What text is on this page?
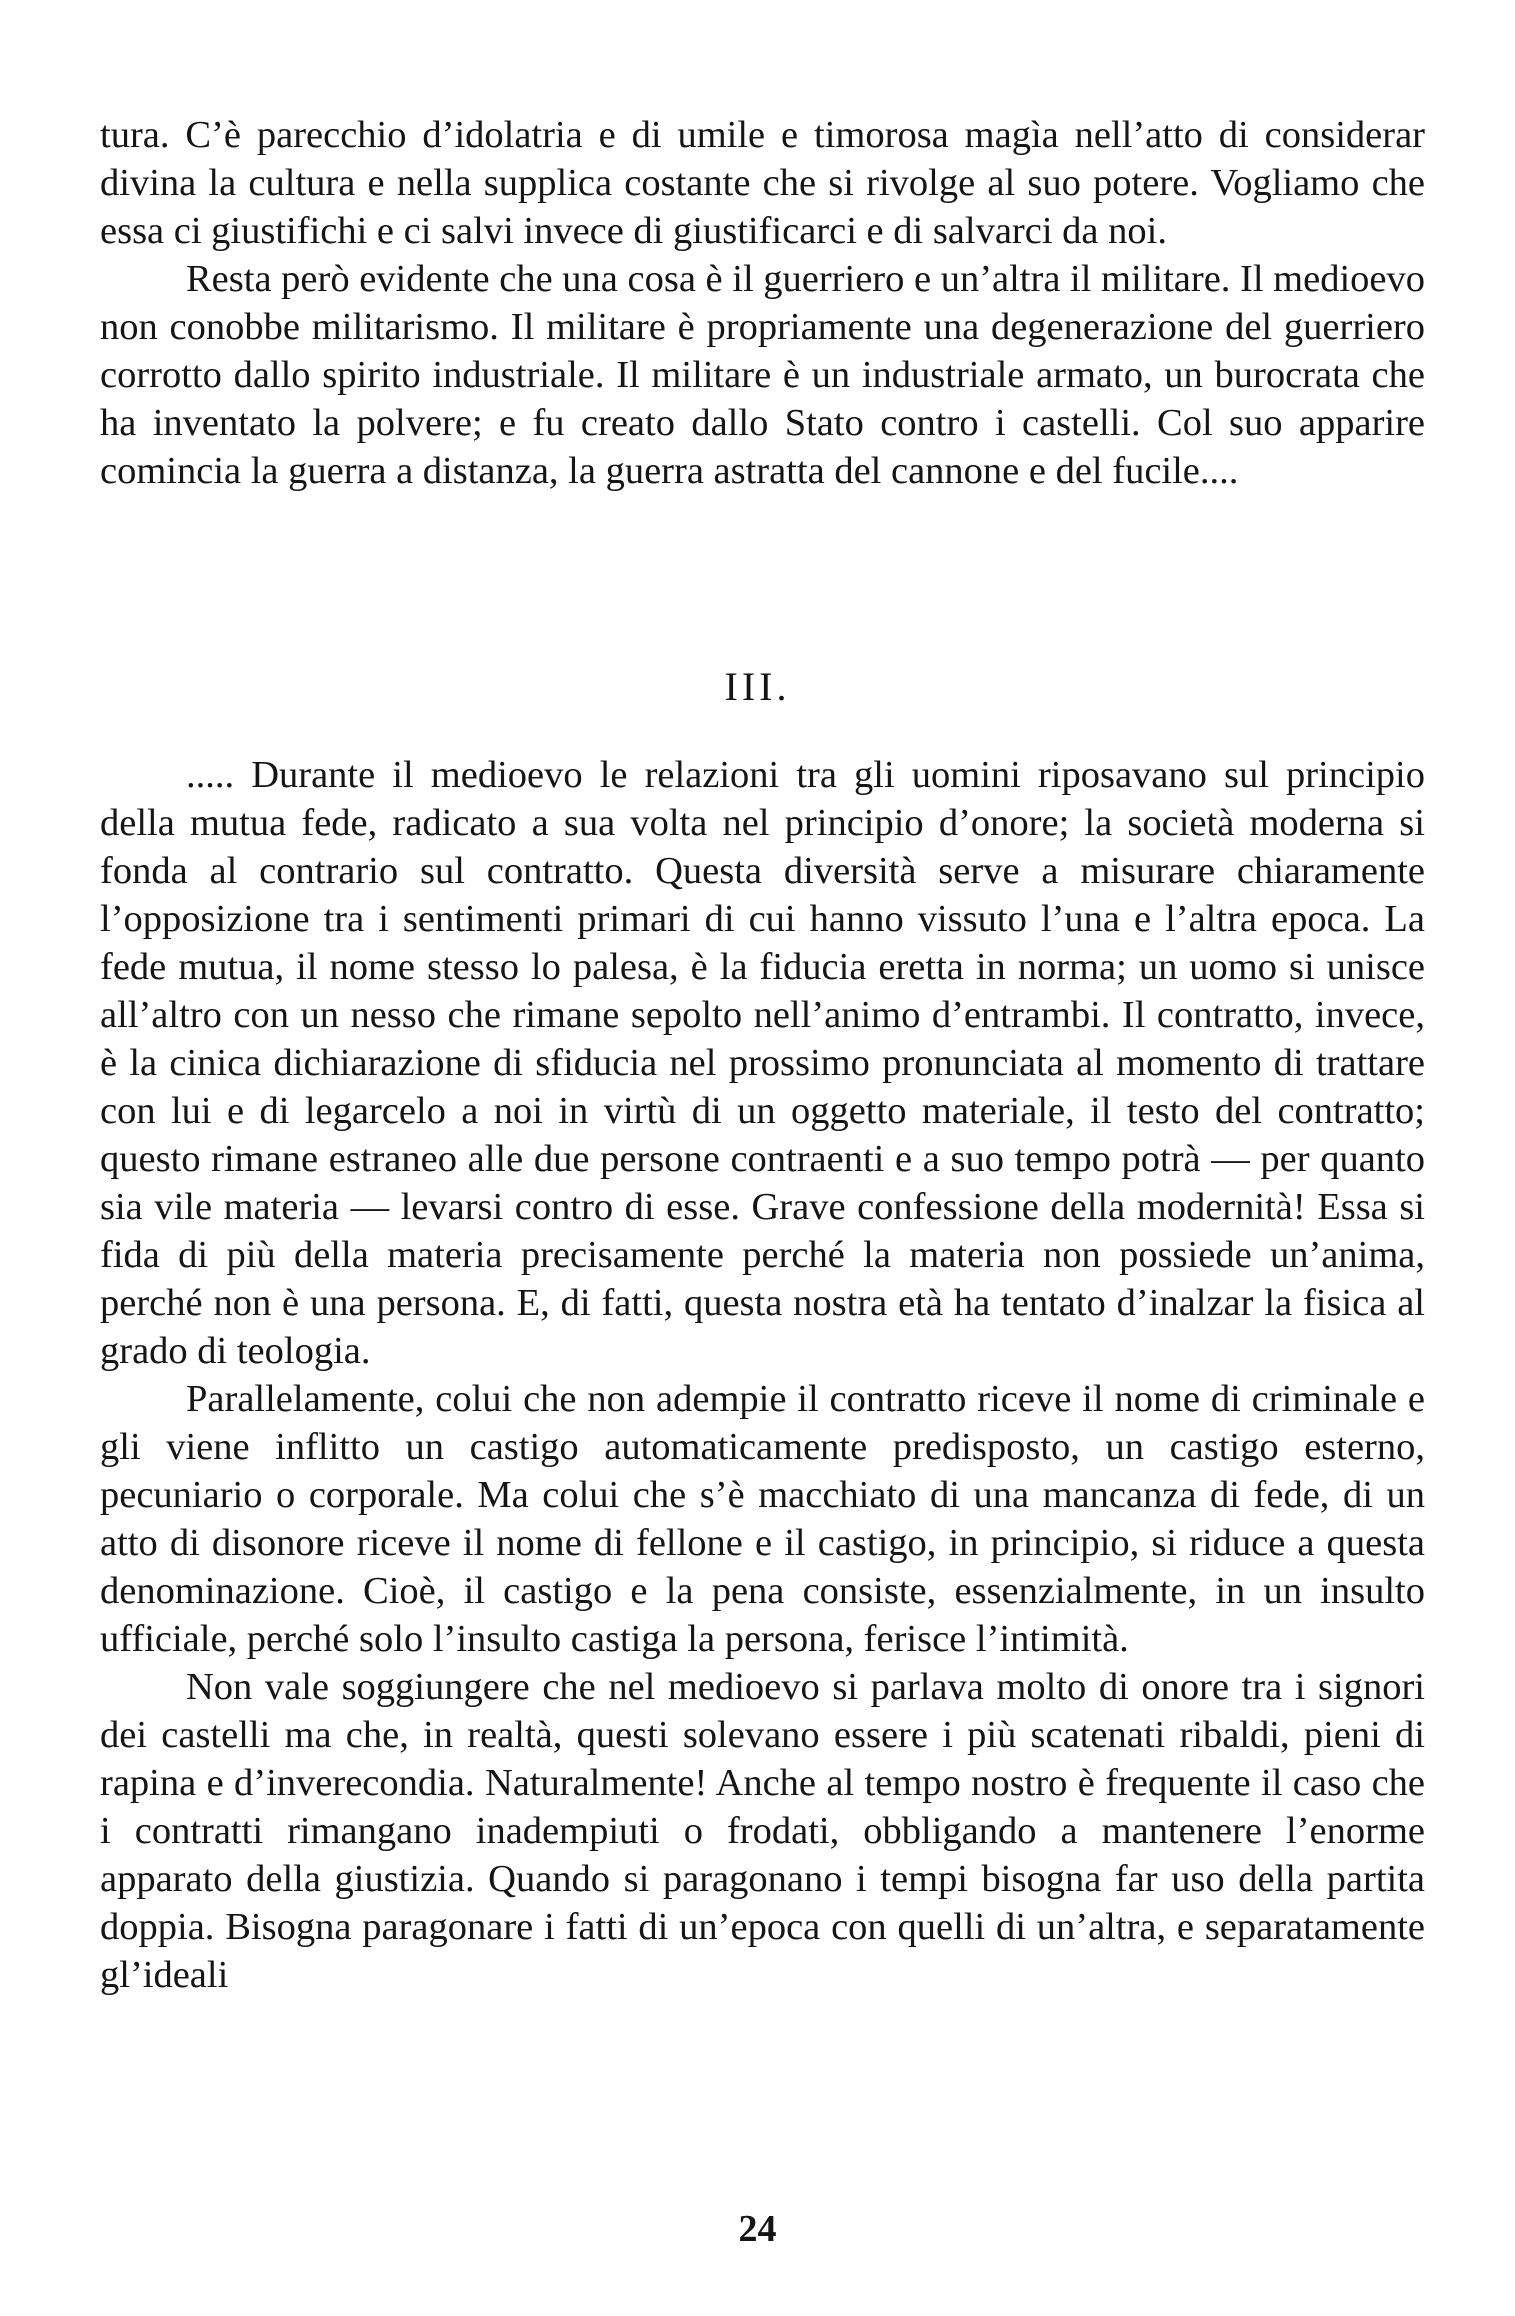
tura. C’è parecchio d’idolatria e di umile e timorosa magìa nell’atto di considerar divina la cultura e nella supplica costante che si rivolge al suo potere. Vogliamo che essa ci giustifichi e ci salvi invece di giustificarci e di salvarci da noi.

Resta però evidente che una cosa è il guerriero e un’altra il militare. Il medioevo non conobbe militarismo. Il militare è propriamente una degenerazione del guerriero corrotto dallo spirito industriale. Il militare è un industriale armato, un burocrata che ha inventato la polvere; e fu creato dallo Stato contro i castelli. Col suo apparire comincia la guerra a distanza, la guerra astratta del cannone e del fucile....

III.

..... Durante il medioevo le relazioni tra gli uomini riposavano sul principio della mutua fede, radicato a sua volta nel principio d’onore; la società moderna si fonda al contrario sul contratto. Questa diversità serve a misurare chiaramente l’opposizione tra i sentimenti primari di cui hanno vissuto l’una e l’altra epoca. La fede mutua, il nome stesso lo palesa, è la fiducia eretta in norma; un uomo si unisce all’altro con un nesso che rimane sepolto nell’animo d’entrambi. Il contratto, invece, è la cinica dichiarazione di sfiducia nel prossimo pronunciata al momento di trattare con lui e di legarcelo a noi in virtù di un oggetto materiale, il testo del contratto; questo rimane estraneo alle due persone contraenti e a suo tempo potrà — per quanto sia vile materia — levarsi contro di esse. Grave confessione della modernità! Essa si fida di più della materia precisamente perché la materia non possiede un’anima, perché non è una persona. E, di fatti, questa nostra età ha tentato d’inalzar la fisica al grado di teologia.

Parallelamente, colui che non adempie il contratto riceve il nome di criminale e gli viene inflitto un castigo automaticamente predisposto, un castigo esterno, pecuniario o corporale. Ma colui che s’è macchiato di una mancanza di fede, di un atto di disonore riceve il nome di fellone e il castigo, in principio, si riduce a questa denominazione. Cioè, il castigo e la pena consiste, essenzialmente, in un insulto ufficiale, perché solo l’insulto castiga la persona, ferisce l’intimità.

Non vale soggiungere che nel medioevo si parlava molto di onore tra i signori dei castelli ma che, in realtà, questi solevano essere i più scatenati ribaldi, pieni di rapina e d’inverecondia. Naturalmente! Anche al tempo nostro è frequente il caso che i contratti rimangano inadempiuti o frodati, obbligando a mantenere l’enorme apparato della giustizia. Quando si paragonano i tempi bisogna far uso della partita doppia. Bisogna paragonare i fatti di un’epoca con quelli di un’altra, e separatamente gl’ideali

24
